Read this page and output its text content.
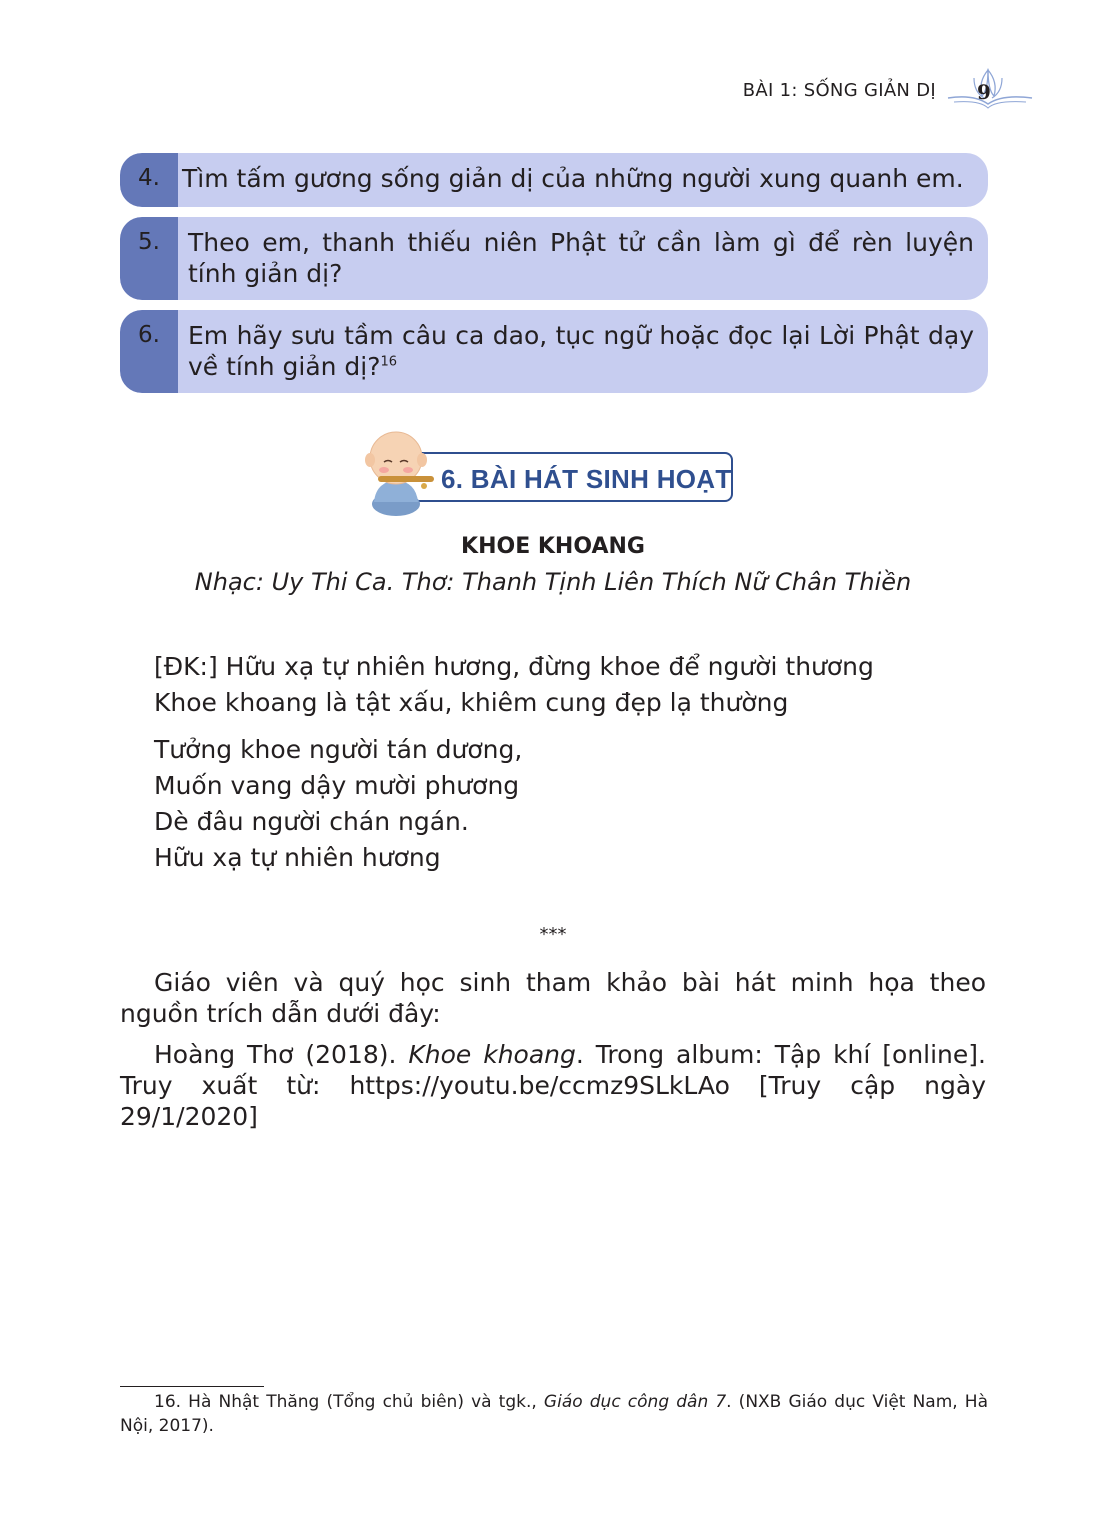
BÀI 1: SỐNG GIẢN DỊ 9
4. Tìm tấm gương sống giản dị của những người xung quanh em.
5.	Theo em, thanh thiếu niên Phật tử cần làm gì để rèn luyện tính giản dị?
6.	Em hãy sưu tầm câu ca dao, tục ngữ hoặc đọc lại Lời Phật dạy về tính giản dị?$^{16}$
6. BÀI HÁT SINH HOẠT
KHOE KHOANG
Nhạc: Uy Thi Ca. Thơ: Thanh Tịnh Liên Thích Nữ Chân Thiền
[ĐK:] Hữu xạ tự nhiên hương, đừng khoe để người thương
Khoe khoang là tật xấu, khiêm cung đẹp lạ thường
Tưởng khoe người tán dương,
Muốn vang dậy mười phương
Dè đâu người chán ngán.
Hữu xạ tự nhiên hương
***
Giáo viên và quý học sinh tham khảo bài hát minh họa theo nguồn trích dẫn dưới đây:
Hoàng Thơ (2018). Khoe khoang. Trong album: Tập khí [online]. Truy xuất từ: https://youtu.be/ccmz9SLkLAo [Truy cập ngày 29/1/2020]
16. Hà Nhật Thăng (Tổng chủ biên) và tgk., Giáo dục công dân 7. (NXB Giáo dục Việt Nam, Hà Nội, 2017).
